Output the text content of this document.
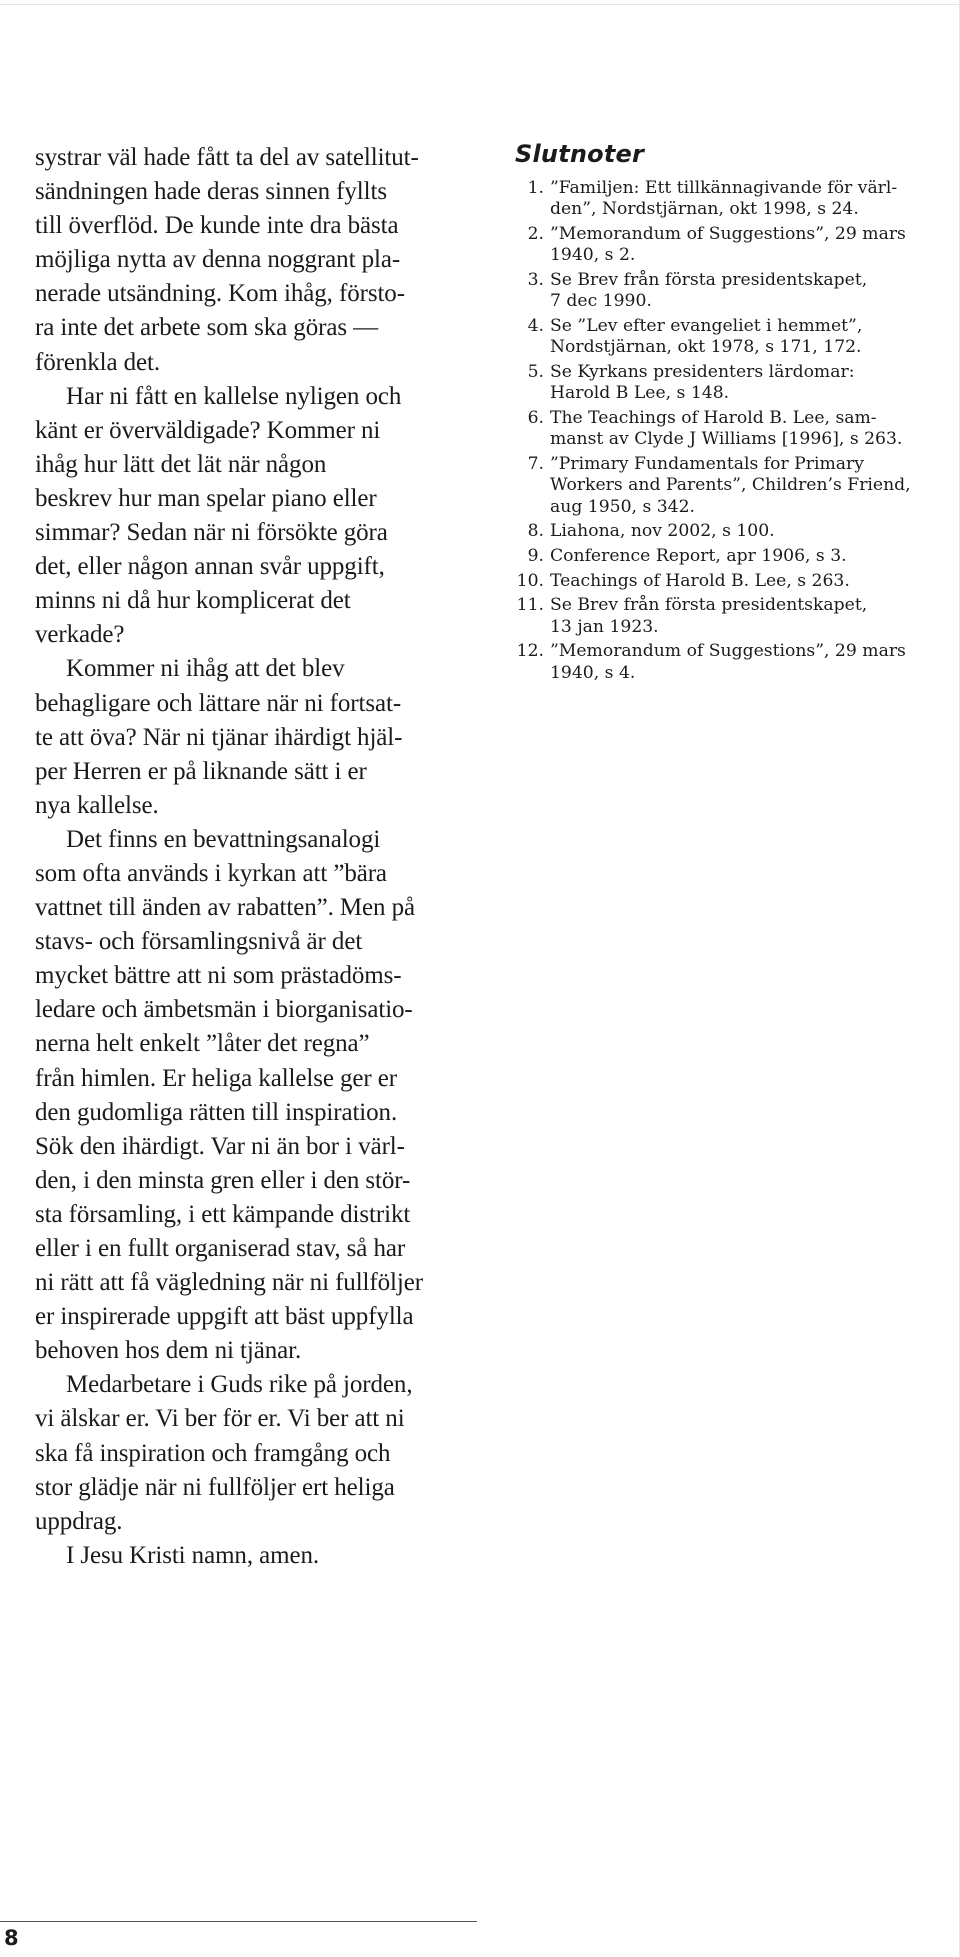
systrar väl hade fått ta del av satellitut-
sändningen hade deras sinnen fyllts
till överflöd. De kunde inte dra bästa
möjliga nytta av denna noggrant pla-
nerade utsändning. Kom ihåg, förstо-
ra inte det arbete som ska göras —
förenkla det.
Har ni fått en kallelse nyligen och
känt er överväldigade? Kommer ni
ihåg hur lätt det lät när någon
beskrev hur man spelar piano eller
simmar? Sedan när ni försökte göra
det, eller någon annan svår uppgift,
minns ni då hur komplicerat det
verkade?
Kommer ni ihåg att det blev
behagligare och lättare när ni fortsat-
te att öva? När ni tjänar ihärdigt hjäl-
per Herren er på liknande sätt i er
nya kallelse.
Det finns en bevattningsanalogi
som ofta används i kyrkan att ”bära
vattnet till änden av rabatten”. Men på
stavs- och församlingsnivå är det
mycket bättre att ni som prästadöms-
ledare och ämbetsmän i biorganisatio-
nerna helt enkelt ”låter det regna”
från himlen. Er heliga kallelse ger er
den gudomliga rätten till inspiration.
Sök den ihärdigt. Var ni än bor i värl-
den, i den minsta gren eller i den stör-
sta församling, i ett kämpande distrikt
eller i en fullt organiserad stav, så har
ni rätt att få vägledning när ni fullföljer
er inspirerade uppgift att bäst uppfylla
behoven hos dem ni tjänar.
Medarbetare i Guds rike på jorden,
vi älskar er. Vi ber för er. Vi ber att ni
ska få inspiration och framgång och
stor glädje när ni fullföljer ert heliga
uppdrag.
I Jesu Kristi namn, amen.
Slutnoter
1. ”Familjen: Ett tillkännagivande för värl-
den”, Nordstjärnan, okt 1998, s 24.
2. ”Memorandum of Suggestions”, 29 mars
1940, s 2.
3. Se Brev från första presidentskapet,
7 dec 1990.
4. Se ”Lev efter evangeliet i hemmet”,
Nordstjärnan, okt 1978, s 171, 172.
5. Se Kyrkans presidenters lärdomar:
Harold B Lee, s 148.
6. The Teachings of Harold B. Lee, sam-
manst av Clyde J Williams [1996], s 263.
7. ”Primary Fundamentals for Primary
Workers and Parents”, Children’s Friend,
aug 1950, s 342.
8. Liahona, nov 2002, s 100.
9. Conference Report, apr 1906, s 3.
10. Teachings of Harold B. Lee, s 263.
11. Se Brev från första presidentskapet,
13 jan 1923.
12. ”Memorandum of Suggestions”, 29 mars
1940, s 4.
8
